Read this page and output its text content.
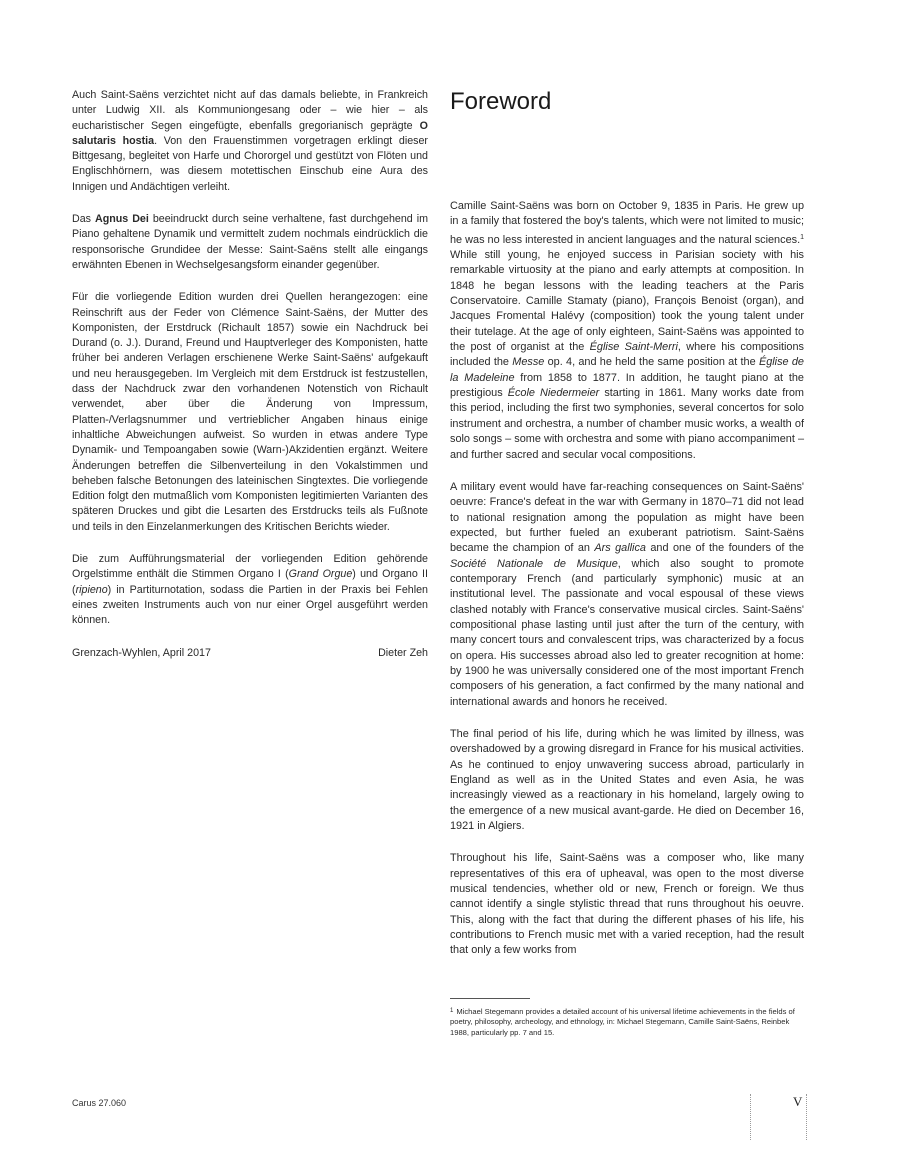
Auch Saint-Saëns verzichtet nicht auf das damals beliebte, in Frankreich unter Ludwig XII. als Kommuniongesang oder – wie hier – als eucharistischer Segen eingefügte, ebenfalls gregorianisch geprägte O salutaris hostia. Von den Frauenstimmen vorgetragen erklingt dieser Bittgesang, begleitet von Harfe und Chororgel und gestützt von Flöten und Englischhörnern, was diesem motettischen Einschub eine Aura des Innigen und Andächtigen verleiht.

Das Agnus Dei beeindruckt durch seine verhaltene, fast durchgehend im Piano gehaltene Dynamik und vermittelt zudem nochmals eindrücklich die responsorische Grundidee der Messe: Saint-Saëns stellt alle eingangs erwähnten Ebenen in Wechselgesangsform einander gegenüber.

Für die vorliegende Edition wurden drei Quellen herangezogen: eine Reinschrift aus der Feder von Clémence Saint-Saëns, der Mutter des Komponisten, der Erstdruck (Richault 1857) sowie ein Nachdruck bei Durand (o. J.). Durand, Freund und Hauptverleger des Komponisten, hatte früher bei anderen Verlagen erschienene Werke Saint-Saëns' aufgekauft und neu herausgegeben. Im Vergleich mit dem Erstdruck ist festzustellen, dass der Nachdruck zwar den vorhandenen Notenstich von Richault verwendet, aber über die Änderung von Impressum, Platten-/Verlagsnummer und vertrieblicher Angaben hinaus einige inhaltliche Abweichungen aufweist. So wurden in etwas andere Type Dynamik- und Tempoangaben sowie (Warn-)Akzidentien ergänzt. Weitere Änderungen betreffen die Silbenverteilung in den Vokalstimmen und beheben falsche Betonungen des lateinischen Singtextes. Die vorliegende Edition folgt den mutmaßlich vom Komponisten legitimierten Varianten des späteren Druckes und gibt die Lesarten des Erstdrucks teils als Fußnote und teils in den Einzelanmerkungen des Kritischen Berichts wieder.

Die zum Aufführungsmaterial der vorliegenden Edition gehörende Orgelstimme enthält die Stimmen Organo I (Grand Orgue) und Organo II (ripieno) in Partiturnotation, sodass die Partien in der Praxis bei Fehlen eines zweiten Instruments auch von nur einer Orgel ausgeführt werden können.

Grenzach-Wyhlen, April 2017	Dieter Zeh
Foreword

Camille Saint-Saëns was born on October 9, 1835 in Paris. He grew up in a family that fostered the boy's talents, which were not limited to music; he was no less interested in ancient languages and the natural sciences.$^1$ While still young, he enjoyed success in Parisian society with his remarkable virtuosity at the piano and early attempts at composition. In 1848 he began lessons with the leading teachers at the Paris Conservatoire. Camille Stamaty (piano), François Benoist (organ), and Jacques Fromental Halévy (composition) took the young talent under their tutelage. At the age of only eighteen, Saint-Saëns was appointed to the post of organist at the Église Saint-Merri, where his compositions included the Messe op. 4, and he held the same position at the Église de la Madeleine from 1858 to 1877. In addition, he taught piano at the prestigious École Niedermeier starting in 1861. Many works date from this period, including the first two symphonies, several concertos for solo instrument and orchestra, a number of chamber music works, a wealth of solo songs – some with orchestra and some with piano accompaniment – and further sacred and secular vocal compositions.

A military event would have far-reaching consequences on Saint-Saëns' oeuvre: France's defeat in the war with Germany in 1870–71 did not lead to national resignation among the population as might have been expected, but further fueled an exuberant patriotism. Saint-Saëns became the champion of an Ars gallica and one of the founders of the Société Nationale de Musique, which also sought to promote contemporary French (and particularly symphonic) music at an institutional level. The passionate and vocal espousal of these views clashed notably with France's conservative musical circles. Saint-Saëns' compositional phase lasting until just after the turn of the century, with many concert tours and convalescent trips, was characterized by a focus on opera. His successes abroad also led to greater recognition at home: by 1900 he was universally considered one of the most important French composers of his generation, a fact confirmed by the many national and international awards and honors he received.

The final period of his life, during which he was limited by illness, was overshadowed by a growing disregard in France for his musical activities. As he continued to enjoy unwavering success abroad, particularly in England as well as in the United States and even Asia, he was increasingly viewed as a reactionary in his homeland, largely owing to the emergence of a new musical avant-garde. He died on December 16, 1921 in Algiers.

Throughout his life, Saint-Saëns was a composer who, like many representatives of this era of upheaval, was open to the most diverse musical tendencies, whether old or new, French or foreign. We thus cannot identify a single stylistic thread that runs throughout his oeuvre. This, along with the fact that during the different phases of his life, his contributions to French music met with a varied reception, had the result that only a few works from

$^1$ Michael Stegemann provides a detailed account of his universal lifetime achievements in the fields of poetry, philosophy, archeology, and ethnology, in: Michael Stegemann, Camille Saint-Saëns, Reinbek 1988, particularly pp. 7 and 15.
Carus 27.060	V
